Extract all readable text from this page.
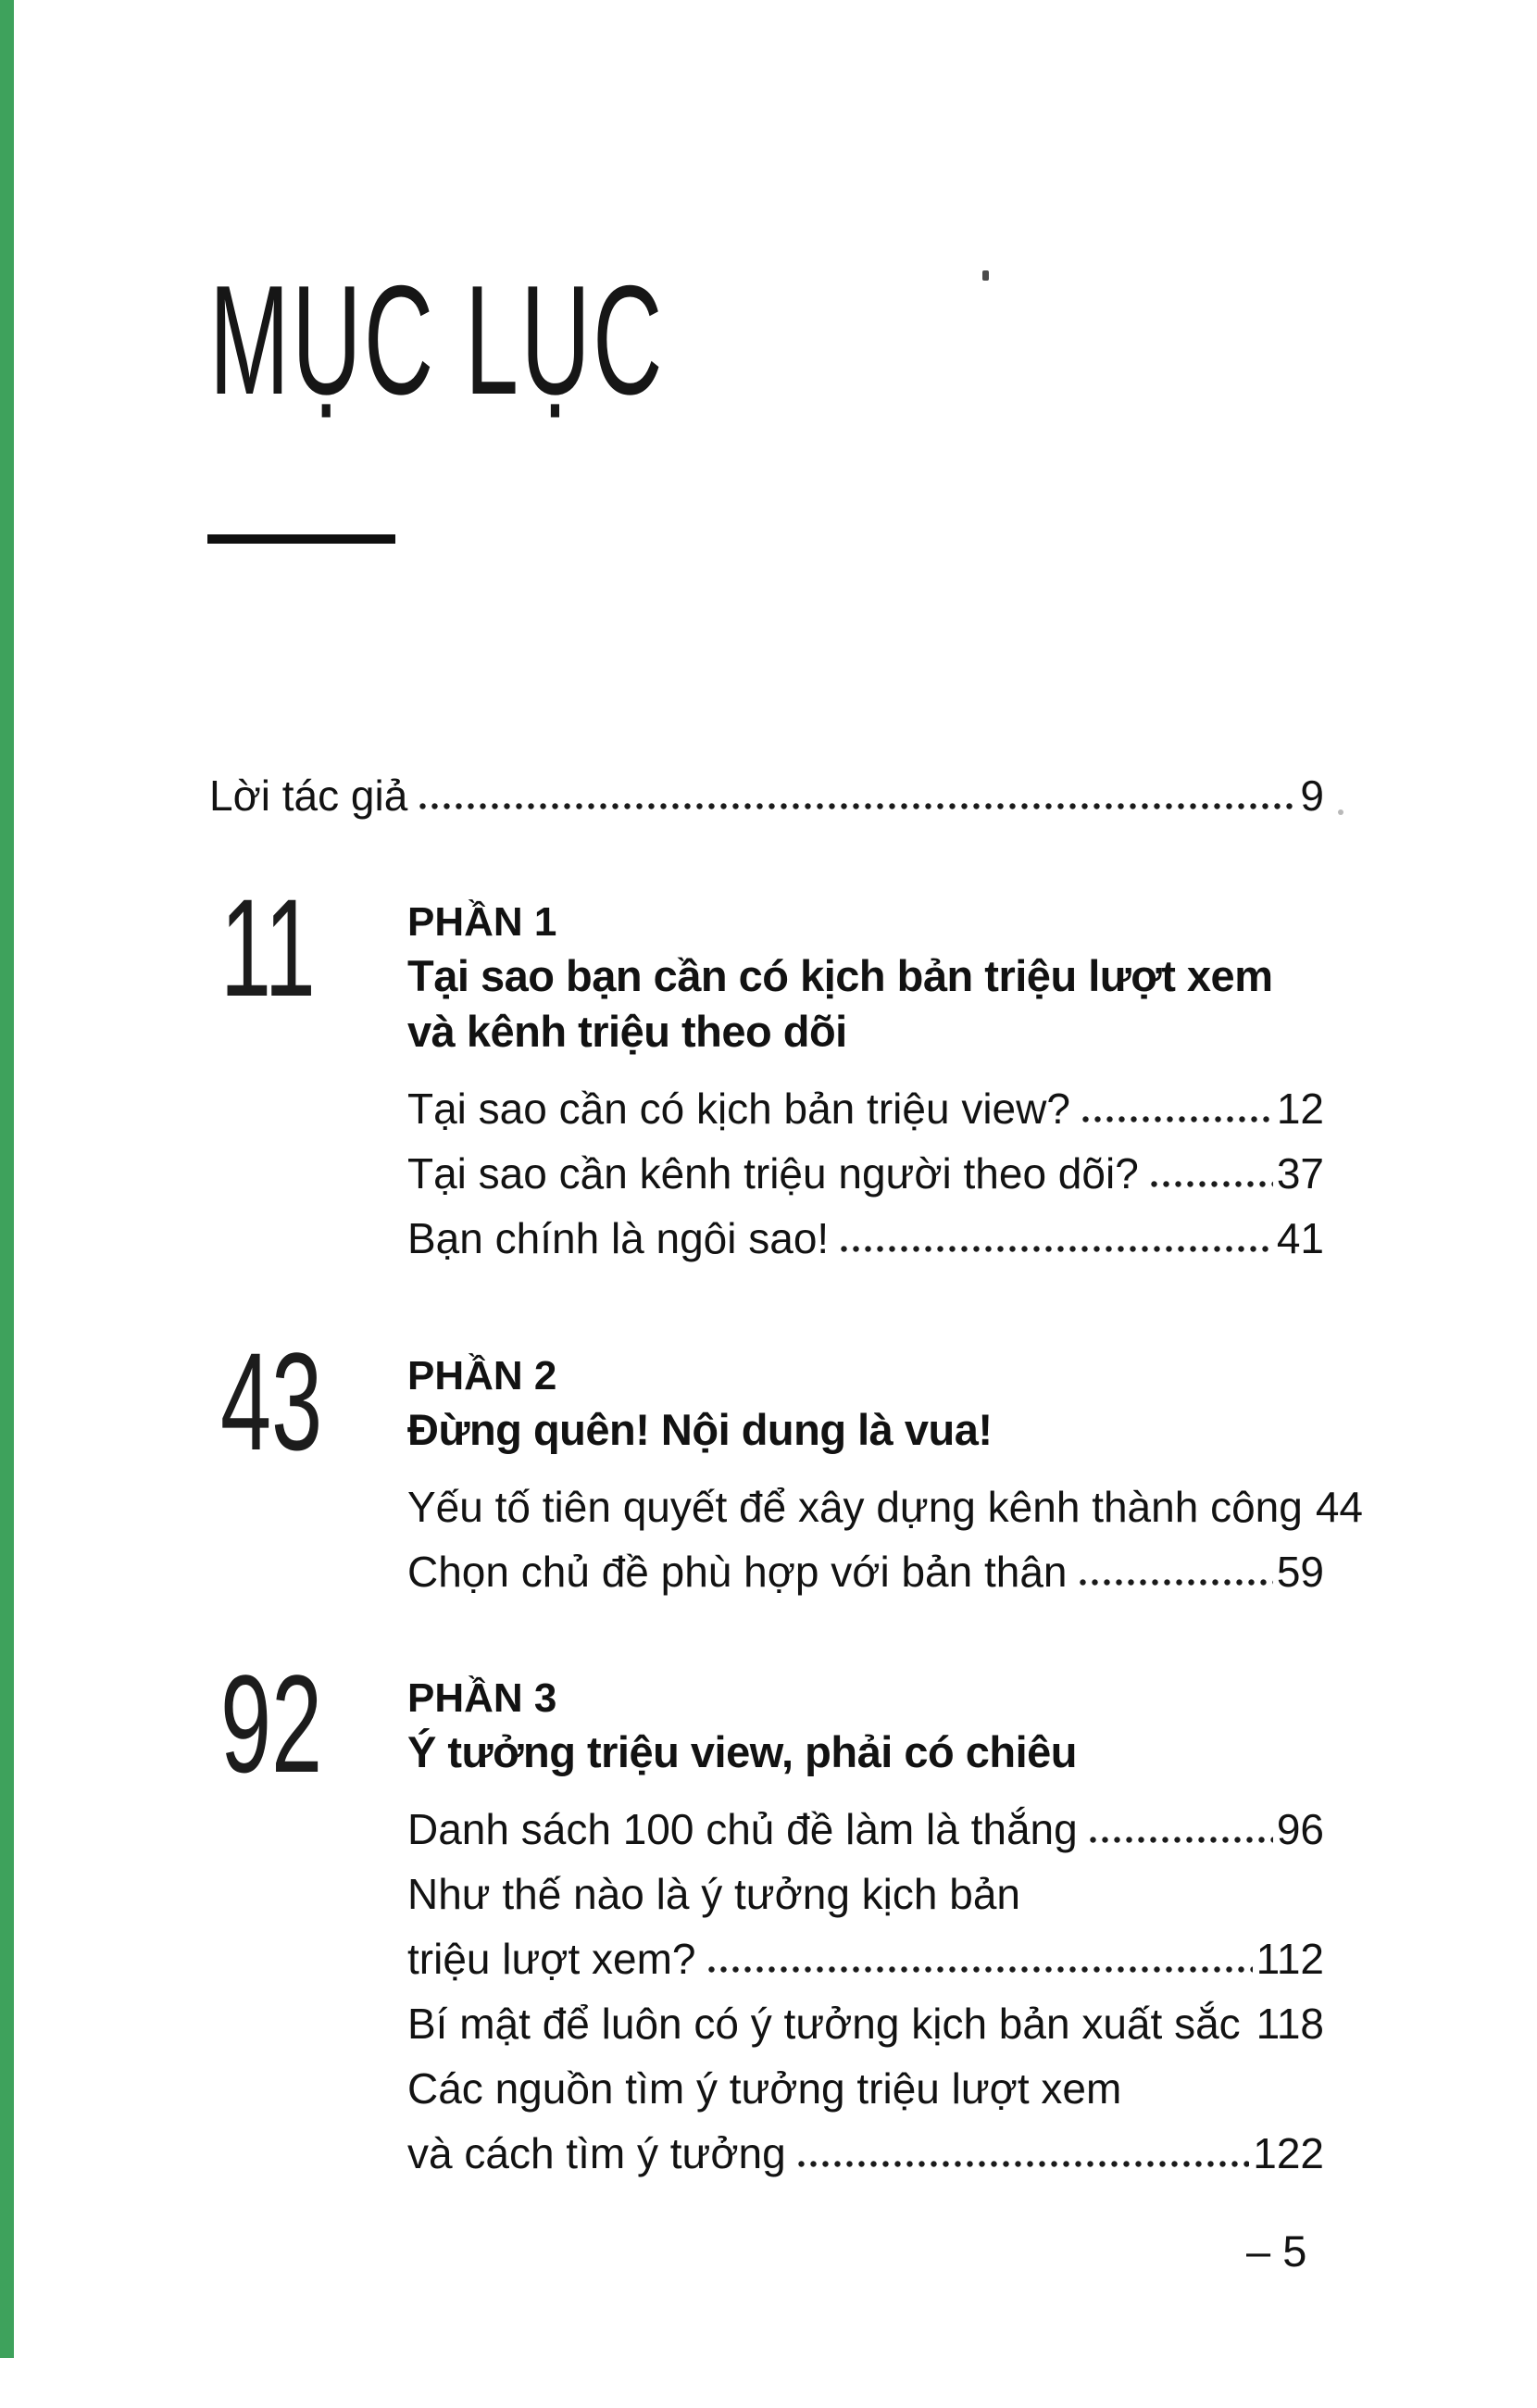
MỤC LỤC
Lời tác giả	9
11 PHẦN 1
Tại sao bạn cần có kịch bản triệu lượt xem
và kênh triệu theo dõi
Tại sao cần có kịch bản triệu view?	12
Tại sao cần kênh triệu người theo dõi?	37
Bạn chính là ngôi sao!	41
43 PHẦN 2
Đừng quên! Nội dung là vua!
Yếu tố tiên quyết để xây dựng kênh thành công 44
Chọn chủ đề phù hợp với bản thân	59
92 PHẦN 3
Ý tưởng triệu view, phải có chiêu
Danh sách 100 chủ đề làm là thắng	96
Như thế nào là ý tưởng kịch bản
triệu lượt xem?	112
Bí mật để luôn có ý tưởng kịch bản xuất sắc 118
Các nguồn tìm ý tưởng triệu lượt xem
và cách tìm ý tưởng	122
– 5
